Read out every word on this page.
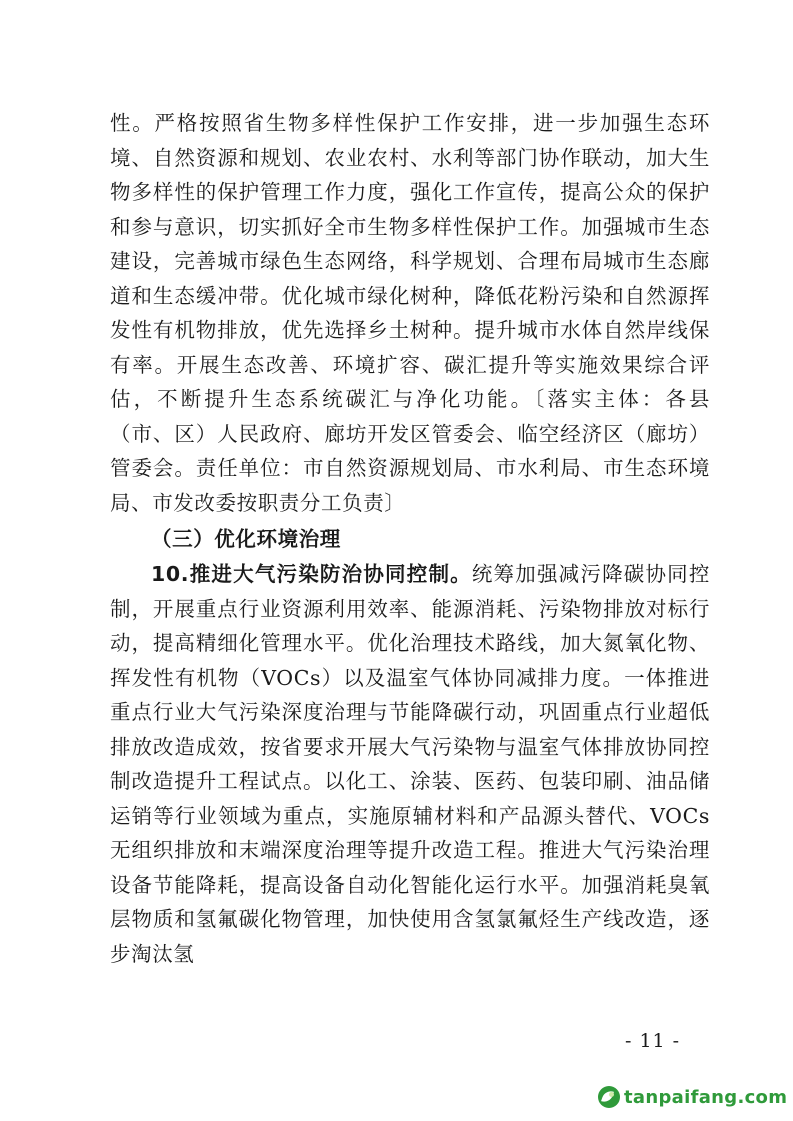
性。严格按照省生物多样性保护工作安排，进一步加强生态环境、自然资源和规划、农业农村、水利等部门协作联动，加大生物多样性的保护管理工作力度，强化工作宣传，提高公众的保护和参与意识，切实抓好全市生物多样性保护工作。加强城市生态建设，完善城市绿色生态网络，科学规划、合理布局城市生态廊道和生态缓冲带。优化城市绿化树种，降低花粉污染和自然源挥发性有机物排放，优先选择乡土树种。提升城市水体自然岸线保有率。开展生态改善、环境扩容、碳汇提升等实施效果综合评估，不断提升生态系统碳汇与净化功能。〔落实主体：各县（市、区）人民政府、廊坊开发区管委会、临空经济区（廊坊）管委会。责任单位：市自然资源规划局、市水利局、市生态环境局、市发改委按职责分工负责〕

（三）优化环境治理

10.推进大气污染防治协同控制。统筹加强减污降碳协同控制，开展重点行业资源利用效率、能源消耗、污染物排放对标行动，提高精细化管理水平。优化治理技术路线，加大氮氧化物、挥发性有机物（VOCs）以及温室气体协同减排力度。一体推进重点行业大气污染深度治理与节能降碳行动，巩固重点行业超低排放改造成效，按省要求开展大气污染物与温室气体排放协同控制改造提升工程试点。以化工、涂装、医药、包装印刷、油品储运销等行业领域为重点，实施原辅材料和产品源头替代、VOCs无组织排放和末端深度治理等提升改造工程。推进大气污染治理设备节能降耗，提高设备自动化智能化运行水平。加强消耗臭氧层物质和氢氟碳化物管理，加快使用含氢氯氟烃生产线改造，逐步淘汰氢

- 11 -
tanpaifang.com
